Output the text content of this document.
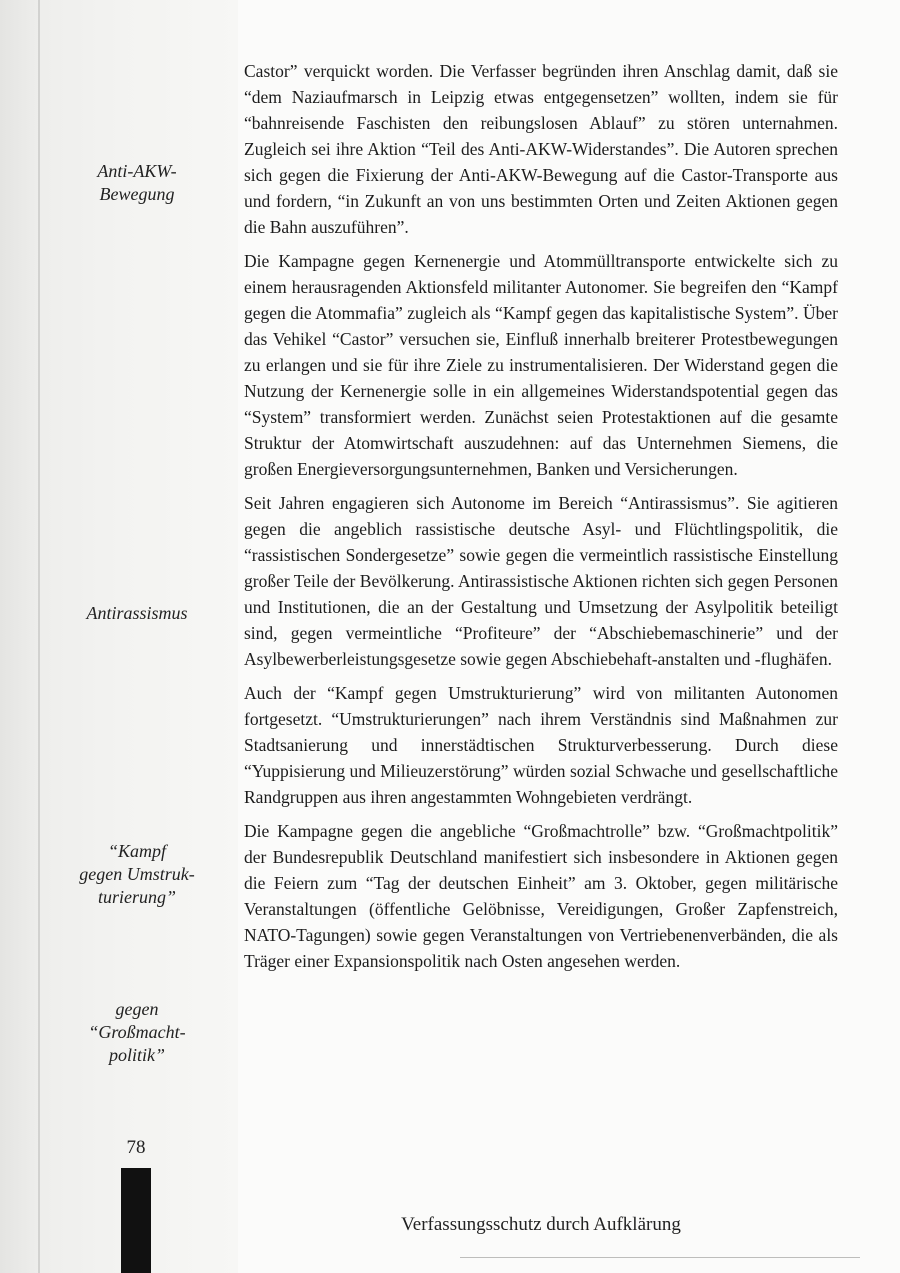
Anti-AKW-
Bewegung
Antirassismus
“Kampf
gegen Umstruk-
turierung”
gegen
“Großmacht-
politik”
78

Castor” verquickt worden. Die Verfasser begründen ihren Anschlag damit, daß sie “dem Naziaufmarsch in Leipzig etwas entgegensetzen” wollten, indem sie für “bahnreisende Faschisten den reibungslosen Ablauf” zu stören unternahmen. Zugleich sei ihre Aktion “Teil des Anti-AKW-Widerstandes”. Die Autoren sprechen sich gegen die Fixierung der Anti-AKW-Bewegung auf die Castor-Transporte aus und fordern, “in Zukunft an von uns bestimmten Orten und Zeiten Aktionen gegen die Bahn auszuführen”.

Die Kampagne gegen Kernenergie und Atommülltransporte entwickelte sich zu einem herausragenden Aktionsfeld militanter Autonomer. Sie begreifen den “Kampf gegen die Atommafia” zugleich als “Kampf gegen das kapitalistische System”. Über das Vehikel “Castor” versuchen sie, Einfluß innerhalb breiterer Protestbewegungen zu erlangen und sie für ihre Ziele zu instrumentalisieren. Der Widerstand gegen die Nutzung der Kernenergie solle in ein allgemeines Widerstandspotential gegen das “System” transformiert werden. Zunächst seien Protestaktionen auf die gesamte Struktur der Atomwirtschaft auszudehnen: auf das Unternehmen Siemens, die großen Energieversorgungsunternehmen, Banken und Versicherungen.

Seit Jahren engagieren sich Autonome im Bereich “Antirassismus”. Sie agitieren gegen die angeblich rassistische deutsche Asyl- und Flüchtlingspolitik, die “rassistischen Sondergesetze” sowie gegen die vermeintlich rassistische Einstellung großer Teile der Bevölkerung. Antirassistische Aktionen richten sich gegen Personen und Institutionen, die an der Gestaltung und Umsetzung der Asylpolitik beteiligt sind, gegen vermeintliche “Profiteure” der “Abschiebemaschinerie” und der Asylbewerberleistungsgesetze sowie gegen Abschiebehaft-anstalten und -flughäfen.

Auch der “Kampf gegen Umstrukturierung” wird von militanten Autonomen fortgesetzt. “Umstrukturierungen” nach ihrem Verständnis sind Maßnahmen zur Stadtsanierung und innerstädtischen Strukturverbesserung. Durch diese “Yuppisierung und Milieuzerstörung” würden sozial Schwache und gesellschaftliche Randgruppen aus ihren angestammten Wohngebieten verdrängt.

Die Kampagne gegen die angebliche “Großmachtrolle” bzw. “Großmachtpolitik” der Bundesrepublik Deutschland manifestiert sich insbesondere in Aktionen gegen die Feiern zum “Tag der deutschen Einheit” am 3. Oktober, gegen militärische Veranstaltungen (öffentliche Gelöbnisse, Vereidigungen, Großer Zapfenstreich, NATO-Tagungen) sowie gegen Veranstaltungen von Vertriebenenverbänden, die als Träger einer Expansionspolitik nach Osten angesehen werden.

Verfassungsschutz durch Aufklärung
